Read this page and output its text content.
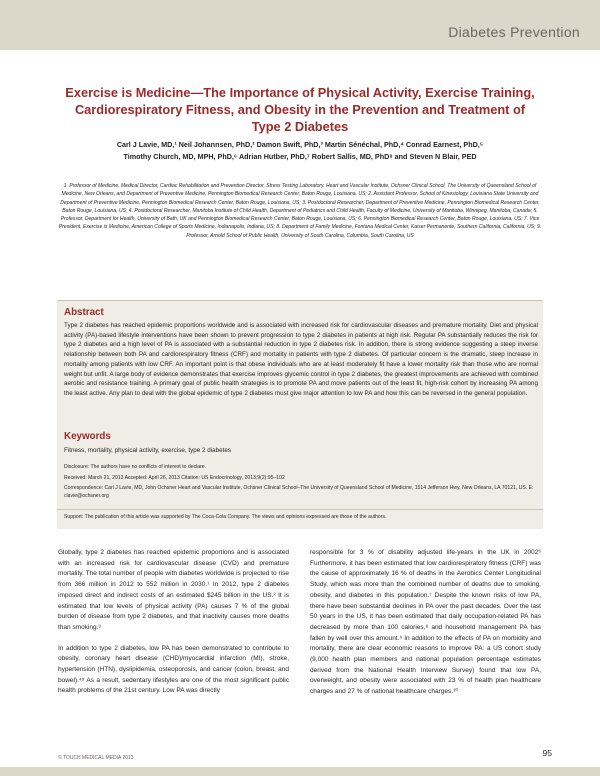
Diabetes Prevention
Exercise is Medicine—The Importance of Physical Activity, Exercise Training, Cardiorespiratory Fitness, and Obesity in the Prevention and Treatment of Type 2 Diabetes
Carl J Lavie, MD,¹ Neil Johannsen, PhD,² Damon Swift, PhD,³ Martin Sénéchal, PhD,⁴ Conrad Earnest, PhD,⁵
Timothy Church, MD, MPH, PhD,⁶ Adrian Hutber, PhD,⁷ Robert Sallis, MD, PhD⁸ and Steven N Blair, PED
1. Professor of Medicine, Medical Director, Cardiac Rehabilitation and Prevention Director, Stress Testing Laboratory, Heart and Vascular Institute, Ochsner Clinical School, The University of Queensland School of Medicine, New Orleans, and Department of Preventive Medicine, Pennington Biomedical Research Center, Baton Rouge, Louisiana, US; 2. Assistant Professor, School of Kinesiology, Louisiana State University and Department of Preventive Medicine, Pennington Biomedical Research Center, Baton Rouge, Louisiana, US; 3. Postdoctoral Researcher, Department of Preventive Medicine, Pennington Biomedical Research Center, Baton Rouge, Louisiana, US; 4. Postdoctoral Researcher, Manitoba Institute of Child Health, Department of Pediatrics and Child Health, Faculty of Medicine, University of Manitoba, Winnipeg, Manitoba, Canada; 5. Professor, Department for Health, University of Bath, UK and Pennington Biomedical Research Center, Baton Rouge, Louisiana, US; 6. Pennington Biomedical Research Center, Baton Rouge, Louisiana, US; 7. Vice President, Exercise is Medicine, American College of Sports Medicine, Indianapolis, Indiana, US; 8. Department of Family Medicine, Fontana Medical Center, Kaiser Permanente, Southern California, California, US; 9. Professor, Arnold School of Public Health, University of South Carolina, Columbia, South Carolina, US
Abstract
Type 2 diabetes has reached epidemic proportions worldwide and is associated with increased risk for cardiovascular diseases and premature mortality. Diet and physical activity (PA)-based lifestyle interventions have been shown to prevent progression to type 2 diabetes in patients at high risk. Regular PA substantially reduces the risk for type 2 diabetes and a high level of PA is associated with a substantial reduction in type 2 diabetes risk. In addition, there is strong evidence suggesting a steep inverse relationship between both PA and cardiorespiratory fitness (CRF) and mortality in patients with type 2 diabetes. Of particular concern is the dramatic, steep increase in mortality among patients with low CRF. An important point is that obese individuals who are at least moderately fit have a lower mortality risk than those who are normal weight but unfit. A large body of evidence demonstrates that exercise improves glycemic control in type 2 diabetes, the greatest improvements are achieved with combined aerobic and resistance training. A primary goal of public health strategies is to promote PA and move patients out of the least fit, high-risk cohort by increasing PA among the least active. Any plan to deal with the global epidemic of type 2 diabetes must give major attention to low PA and how this can be reversed in the general population.
Keywords
Fitness, mortality, physical activity, exercise, type 2 diabetes
Disclosure: The authors have no conflicts of interest to declare.
Received: March 21, 2013 Accepted: April 26, 2013 Citation: US Endocrinology, 2013;9(2):95–102
Correspondence: Carl J Lavie, MD, John Ochsner Heart and Vascular Institute, Ochsner Clinical School–The University of Queensland School of Medicine, 1514 Jefferson Hwy, New Orleans, LA 70121, US. E: clavie@ochsner.org
Support: The publication of this article was supported by The Coca-Cola Company. The views and opinions expressed are those of the authors.

Globally, type 2 diabetes has reached epidemic proportions and is associated with an increased risk for cardiovascular disease (CVD) and premature mortality. The total number of people with diabetes worldwide is projected to rise from 366 million in 2012 to 552 million in 2030.¹ In 2012, type 2 diabetes imposed direct and indirect costs of an estimated $245 billion in the US.² It is estimated that low levels of physical activity (PA) causes 7 % of the global burden of disease from type 2 diabetes, and that inactivity causes more deaths than smoking.³

In addition to type 2 diabetes, low PA has been demonstrated to contribute to obesity, coronary heart disease (CHD)/myocardial infarction (MI), stroke, hypertension (HTN), dyslipidemia, osteoporosis, and cancer (colon, breast, and bowel).⁴⁵ As a result, sedentary lifestyles are one of the most significant public health problems of the 21st century. Low PA was directly

responsible for 3 % of disability adjusted life-years in the UK in 2002⁶ Furthermore, it has been estimated that low cardiorespiratory fitness (CRF) was the cause of approximately 16 % of deaths in the Aerobics Center Longitudinal Study, which was more than the combined number of deaths due to smoking, obesity, and diabetes in this population.⁷ Despite the known risks of low PA, there have been substantial declines in PA over the past decades. Over the last 50 years in the US, it has been estimated that daily occupation-related PA has decreased by more than 100 calories,⁸ and household management PA has fallen by well over this amount.⁹ In addition to the effects of PA on morbidity and mortality, there are clear economic reasons to improve PA: a US cohort study (9,000 health plan members and national population percentage estimates derived from the National Health Interview Survey) found that low PA, overweight, and obesity were associated with 23 % of health plan healthcare charges and 27 % of national healthcare charges.¹⁰

© TOUCH MEDICAL MEDIA 2013	95
